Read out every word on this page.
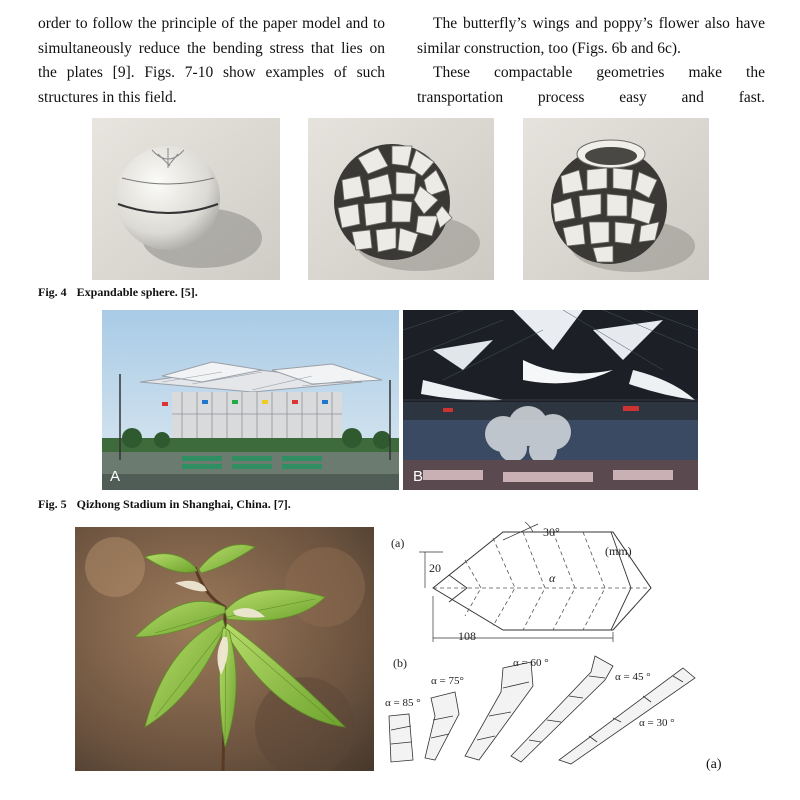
order to follow the principle of the paper model and to simultaneously reduce the bending stress that lies on the plates [9]. Figs. 7-10 show examples of such structures in this field.

The butterfly’s wings and poppy’s flower also have similar construction, too (Figs. 6b and 6c).

These compactable geometries make the transportation process easy and fast.

Fig. 4 Expandable sphere. [5].
A	B
Fig. 5 Qizhong Stadium in Shanghai, China. [7].
(a)
30°
(mm)
20
108
α
(b)
α = 85 °
α = 75°
α = 60 °
α = 45 °
α = 30 °
(a)
